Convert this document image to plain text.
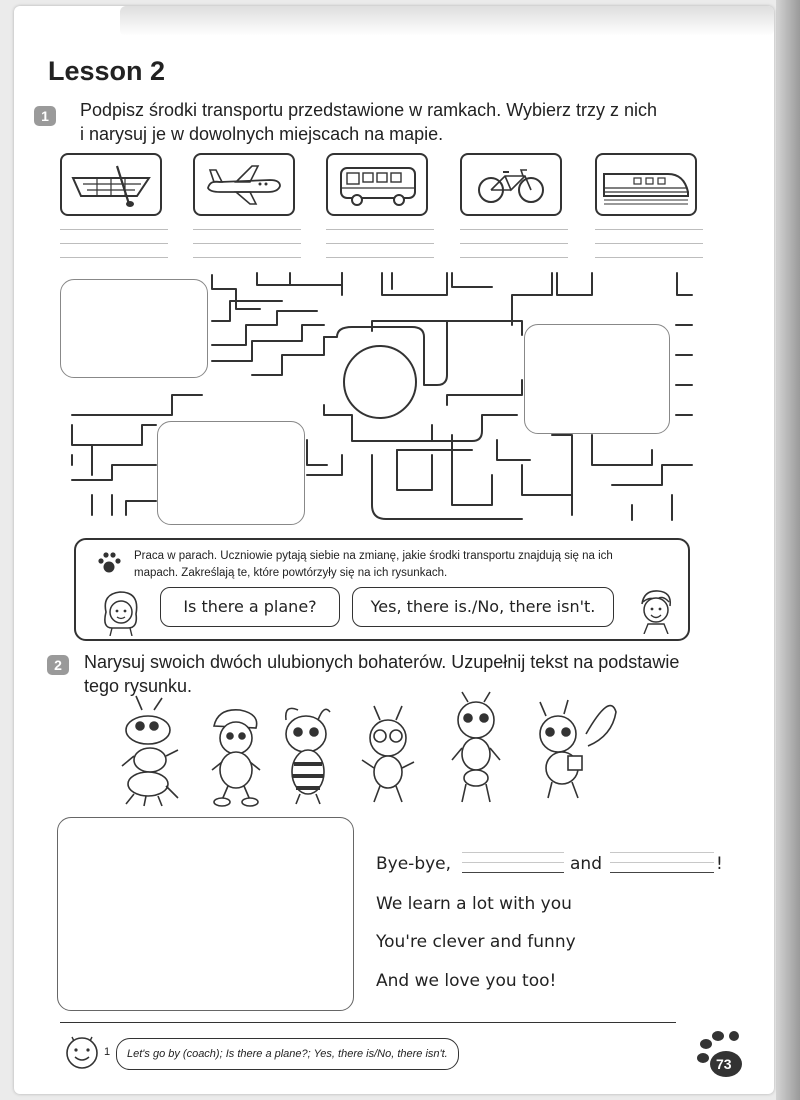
Lesson 2
1	Podpisz środki transportu przedstawione w ramkach. Wybierz trzy z nich
i narysuj je w dowolnych miejscach na mapie.
Praca w parach. Uczniowie pytają siebie na zmianę, jakie środki transportu znajdują się na ich
mapach. Zakreślają te, które powtórzyły się na ich rysunkach.
Is there a plane?	Yes, there is./No, there isn't.
2	Narysuj swoich dwóch ulubionych bohaterów. Uzupełnij tekst na podstawie
tego rysunku.
Bye-bye,	and	!
We learn a lot with you
You're clever and funny
And we love you too!
1	Let's go by (coach); Is there a plane?; Yes, there is/No, there isn't.
73
